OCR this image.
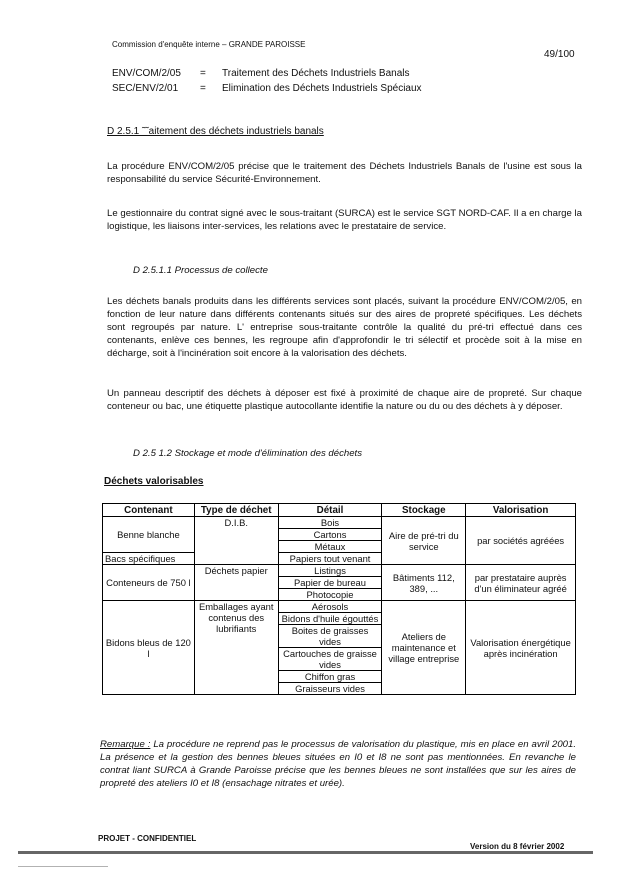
Commission d'enquête interne – GRANDE PAROISSE
49/100
ENV/COM/2/05 = Traitement des Déchets Industriels Banals
SEC/ENV/2/01 = Elimination des Déchets Industriels Spéciaux
D 2.5.1 ˜˜aitement des déchets industriels banals
La procédure ENV/COM/2/05 précise que le traitement des Déchets Industriels Banals de l'usine est sous la responsabilité du service Sécurité-Environnement.
Le gestionnaire du contrat signé avec le sous-traitant (SURCA) est le service SGT NORD-CAF. Il a en charge la logistique, les liaisons inter-services, les relations avec le prestataire de service.
D 2.5.1.1 Processus de collecte
Les déchets banals produits dans les différents services sont placés, suivant la procédure ENV/COM/2/05, en fonction de leur nature dans différents contenants situés sur des aires de propreté spécifiques. Les déchets sont regroupés par nature. L' entreprise sous-traitante contrôle la qualité du pré-tri effectué dans ces contenants, enlève ces bennes, les regroupe afin d'approfondir le tri sélectif et procède soit à la mise en décharge, soit à l'incinération soit encore à la valorisation des déchets.
Un panneau descriptif des déchets à déposer est fixé à proximité de chaque aire de propreté. Sur chaque conteneur ou bac, une étiquette plastique autocollante identifie la nature ou du ou des déchets à y déposer.
D 2.5 1.2 Stockage et mode d'élimination des déchets
Déchets valorisables
Contenant	Type de déchet	Détail	Stockage	Valorisation
Benne blanche	D.I.B.	Bois	Aire de pré-tri du service	par sociétés agréées
		Cartons		
		Métaux		
Bacs spécifiques		Papiers tout venant		
Conteneurs de 750 l	Déchets papier	Listings	Bâtiments 112, 389, ...	par prestataire auprès d'un éliminateur agréé
		Papier de bureau		
		Photocopie		
Bidons bleus de 120 l	Emballages ayant contenus des lubrifiants	Aérosols	Ateliers de maintenance et village entreprise	Valorisation énergétique après incinération
		Bidons d'huile égouttés		
		Boites de graisses vides		
		Cartouches de graisse vides		
		Chiffon gras		
		Graisseurs vides		
Remarque : La procédure ne reprend pas le processus de valorisation du plastique, mis en place en avril 2001. La présence et la gestion des bennes bleues situées en I0 et I8 ne sont pas mentionnées. En revanche le contrat liant SURCA à Grande Paroisse précise que les bennes bleues ne sont installées que sur les aires de propreté des ateliers I0 et I8 (ensachage nitrates et urée).
PROJET - CONFIDENTIEL
Version du 8 février 2002
